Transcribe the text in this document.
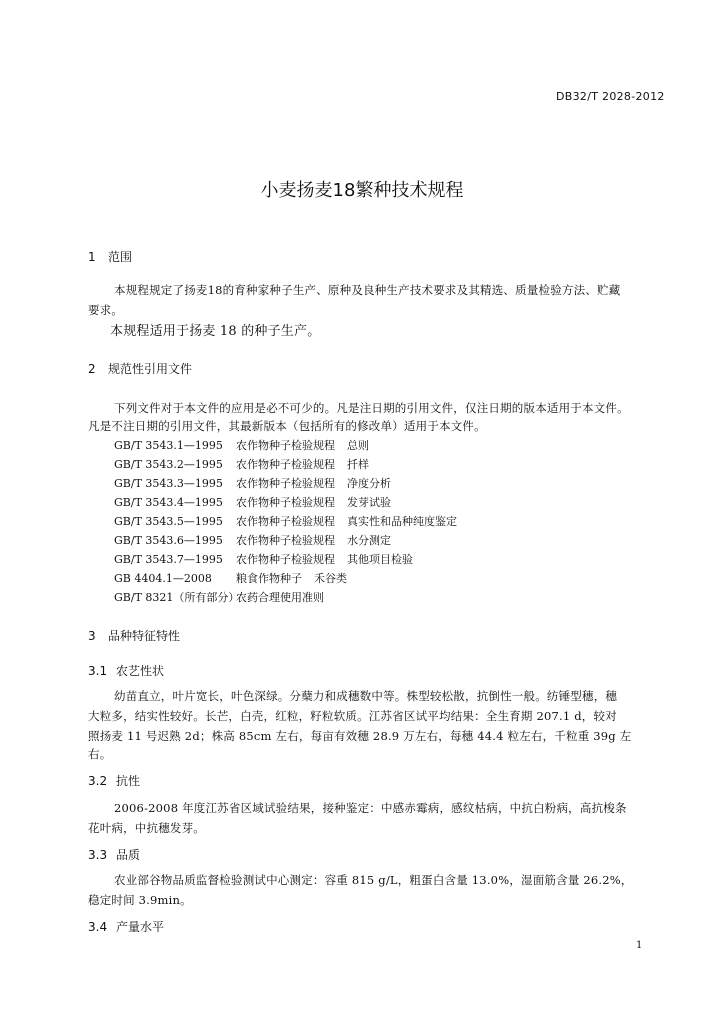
DB32/T 2028-2012
小麦扬麦18繁种技术规程
1 范围
本规程规定了扬麦18的育种家种子生产、原种及良种生产技术要求及其精选、质量检验方法、贮藏
要求。
本规程适用于扬麦 18 的种子生产。
2 规范性引用文件
下列文件对于本文件的应用是必不可少的。凡是注日期的引用文件，仅注日期的版本适用于本文件。
凡是不注日期的引用文件，其最新版本（包括所有的修改单）适用于本文件。
GB/T 3543.1—1995 农作物种子检验规程 总则
GB/T 3543.2—1995 农作物种子检验规程 扦样
GB/T 3543.3—1995 农作物种子检验规程 净度分析
GB/T 3543.4—1995 农作物种子检验规程 发芽试验
GB/T 3543.5—1995 农作物种子检验规程 真实性和品种纯度鉴定
GB/T 3543.6—1995 农作物种子检验规程 水分测定
GB/T 3543.7—1995 农作物种子检验规程 其他项目检验
GB 4404.1—2008 粮食作物种子 禾谷类
GB/T 8321（所有部分）农药合理使用准则
3 品种特征特性
3.1 农艺性状
幼苗直立，叶片宽长，叶色深绿。分蘖力和成穗数中等。株型较松散，抗倒性一般。纺锤型穗，穗
大粒多，结实性较好。长芒，白壳，红粒，籽粒软质。江苏省区试平均结果：全生育期 207.1 d，较对
照扬麦 11 号迟熟 2d；株高 85cm 左右，每亩有效穗 28.9 万左右，每穗 44.4 粒左右，千粒重 39g 左
右。
3.2 抗性
2006-2008 年度江苏省区域试验结果，接种鉴定：中感赤霉病，感纹枯病，中抗白粉病，高抗梭条
花叶病，中抗穗发芽。
3.3 品质
农业部谷物品质监督检验测试中心测定：容重 815 g/L，粗蛋白含量 13.0%，湿面筋含量 26.2%，
稳定时间 3.9min。
3.4 产量水平
1
